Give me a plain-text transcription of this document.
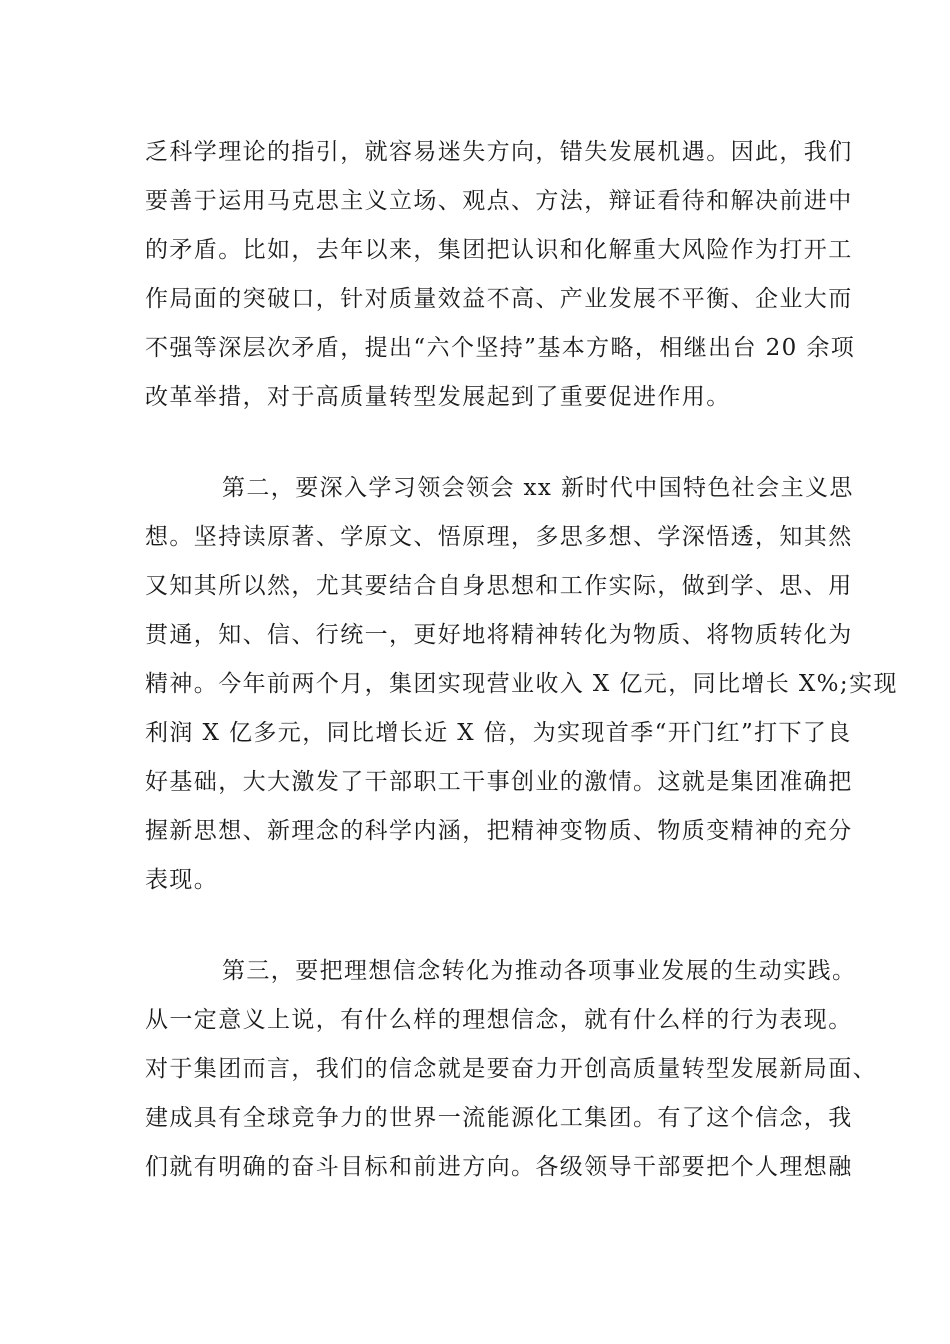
乏科学理论的指引，就容易迷失方向，错失发展机遇。因此，我们
要善于运用马克思主义立场、观点、方法，辩证看待和解决前进中
的矛盾。比如，去年以来，集团把认识和化解重大风险作为打开工
作局面的突破口，针对质量效益不高、产业发展不平衡、企业大而
不强等深层次矛盾，提出“六个坚持”基本方略，相继出台 20 余项
改革举措，对于高质量转型发展起到了重要促进作用。
第二，要深入学习领会领会 xx 新时代中国特色社会主义思
想。坚持读原著、学原文、悟原理，多思多想、学深悟透，知其然
又知其所以然，尤其要结合自身思想和工作实际，做到学、思、用
贯通，知、信、行统一，更好地将精神转化为物质、将物质转化为
精神。今年前两个月，集团实现营业收入 X 亿元，同比增长 X%;实现
利润 X 亿多元，同比增长近 X 倍，为实现首季“开门红”打下了良
好基础，大大激发了干部职工干事创业的激情。这就是集团准确把
握新思想、新理念的科学内涵，把精神变物质、物质变精神的充分
表现。
第三，要把理想信念转化为推动各项事业发展的生动实践。
从一定意义上说，有什么样的理想信念，就有什么样的行为表现。
对于集团而言，我们的信念就是要奋力开创高质量转型发展新局面、
建成具有全球竞争力的世界一流能源化工集团。有了这个信念，我
们就有明确的奋斗目标和前进方向。各级领导干部要把个人理想融
